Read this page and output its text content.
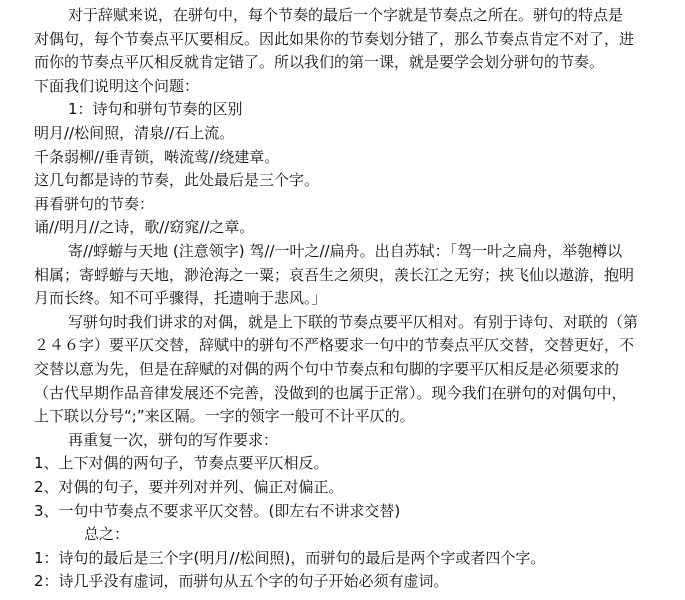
对于辞赋来说，在骈句中，每个节奏的最后一个字就是节奏点之所在。骈句的特点是
对偶句，每个节奏点平仄要相反。因此如果你的节奏划分错了，那么节奏点肯定不对了，进
而你的节奏点平仄相反就肯定错了。所以我们的第一课，就是要学会划分骈句的节奏。
下面我们说明这个问题：
1：诗句和骈句节奏的区别
明月//松间照，清泉//石上流。
千条弱柳//垂青锁，啭流莺//绕建章。
这几句都是诗的节奏，此处最后是三个字。
再看骈句的节奏：
诵//明月//之诗，歌//窈窕//之章。
寄//蜉蝣与天地 (注意领字) 驾//一叶之//扁舟。出自苏轼：「驾一叶之扁舟，举匏樽以
相属；寄蜉蝣与天地，渺沧海之一粟；哀吾生之须臾，羡长江之无穷；挟飞仙以遨游，抱明
月而长终。知不可乎骤得，托遗响于悲风。」
写骈句时我们讲求的对偶，就是上下联的节奏点要平仄相对。有别于诗句、对联的（第
２４６字）要平仄交替，辞赋中的骈句不严格要求一句中的节奏点平仄交替，交替更好，不
交替以意为先，但是在辞赋的对偶的两个句中节奏点和句脚的字要平仄相反是必须要求的
（古代早期作品音律发展还不完善，没做到的也属于正常）。现今我们在骈句的对偶句中，
上下联以分号“;”来区隔。一字的领字一般可不计平仄的。
再重复一次，骈句的写作要求：
1、上下对偶的两句子，节奏点要平仄相反。
2、对偶的句子，要并列对并列、偏正对偏正。
3、一句中节奏点不要求平仄交替。(即左右不讲求交替)
总之：
1：诗句的最后是三个字(明月//松间照)，而骈句的最后是两个字或者四个字。
2：诗几乎没有虚词，而骈句从五个字的句子开始必须有虚词。
